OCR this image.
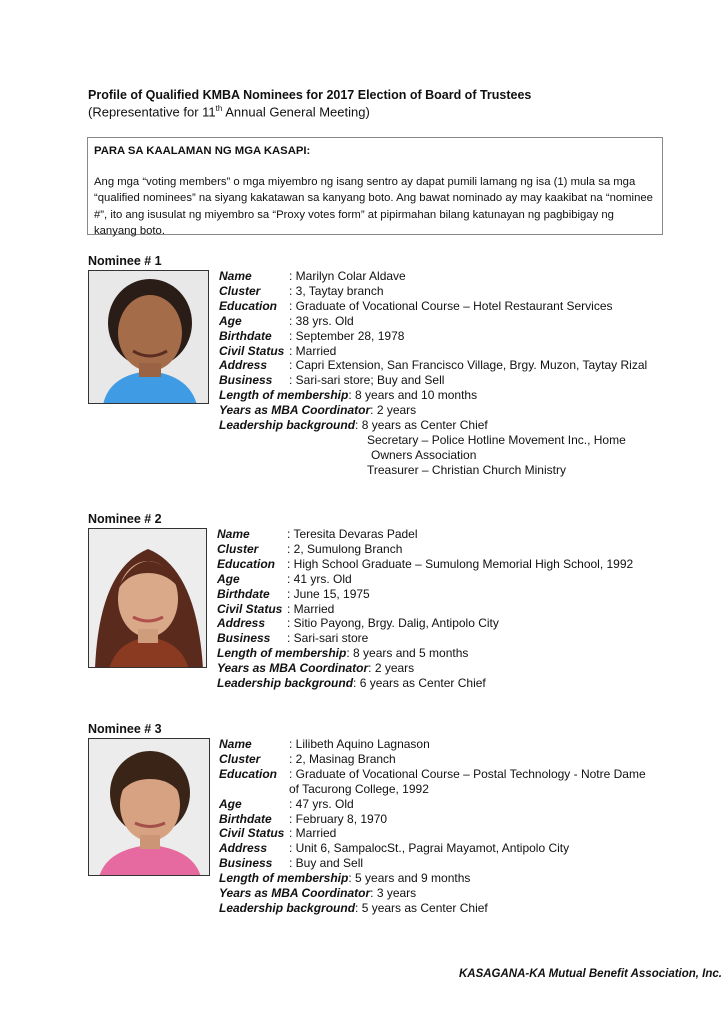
Profile of Qualified KMBA Nominees for 2017 Election of Board of Trustees
(Representative for 11th Annual General Meeting)
PARA SA KAALAMAN NG MGA KASAPI:
Ang mga “voting members” o mga miyembro ng isang sentro ay dapat pumili lamang ng isa (1) mula sa mga “qualified nominees” na siyang kakatawan sa kanyang boto. Ang bawat nominado ay may kaakibat na “nominee #”, ito ang isusulat ng miyembro sa “Proxy votes form” at pipirmahan bilang katunayan ng pagbibigay ng kanyang boto.
Nominee # 1
Name	: Marilyn Colar Aldave
Cluster	: 3, Taytay branch
Education : Graduate of Vocational Course – Hotel Restaurant Services
Age	: 38 yrs. Old
Birthdate	: September 28, 1978
Civil Status : Married
Address	: Capri Extension, San Francisco Village, Brgy. Muzon, Taytay Rizal
Business	: Sari-sari store; Buy and Sell
Length of membership : 8 years and 10 months
Years as MBA Coordinator : 2 years
Leadership background : 8 years as Center Chief
Secretary – Police Hotline Movement Inc., Home
Owners Association
Treasurer – Christian Church Ministry
Nominee # 2
Name	: Teresita Devaras Padel
Cluster	: 2, Sumulong Branch
Education : High School Graduate – Sumulong Memorial High School, 1992
Age	: 41 yrs. Old
Birthdate	: June 15, 1975
Civil Status : Married
Address	: Sitio Payong, Brgy. Dalig, Antipolo City
Business	: Sari-sari store
Length of membership : 8 years and 5 months
Years as MBA Coordinator : 2 years
Leadership background : 6 years as Center Chief
Nominee # 3
Name	: Lilibeth Aquino Lagnason
Cluster	: 2, Masinag Branch
Education : Graduate of Vocational Course – Postal Technology - Notre Dame of Tacurong College, 1992
Age	: 47 yrs. Old
Birthdate	: February 8, 1970
Civil Status : Married
Address	: Unit 6, SampalocSt., Pagrai Mayamot, Antipolo City
Business	: Buy and Sell
Length of membership : 5 years and 9 months
Years as MBA Coordinator : 3 years
Leadership background : 5 years as Center Chief
KASAGANA-KA Mutual Benefit Association, Inc.
